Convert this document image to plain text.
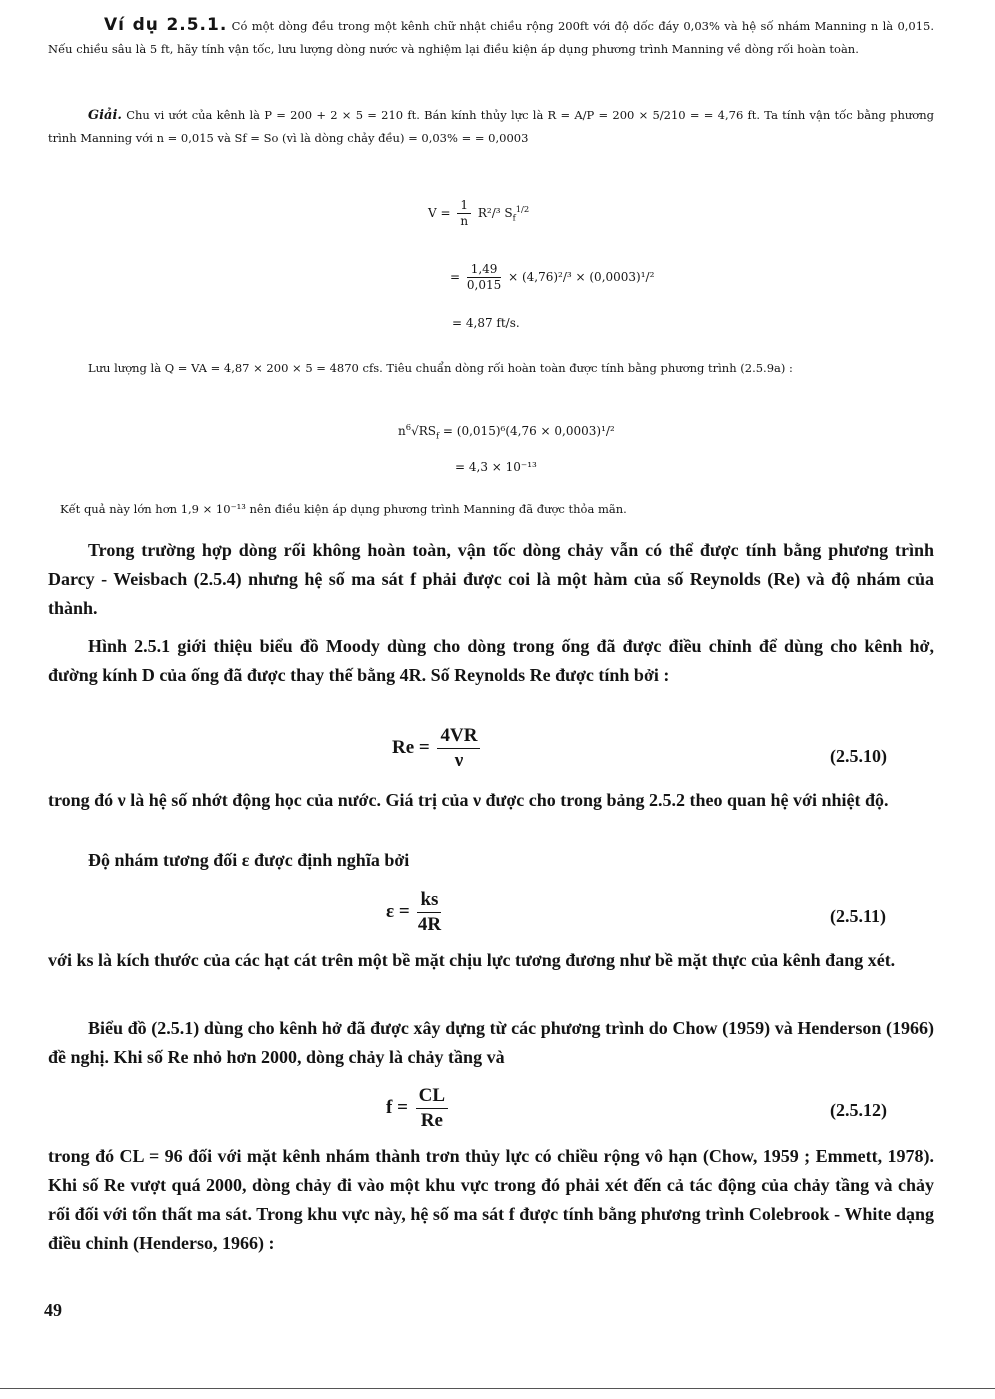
Ví dụ 2.5.1. Có một dòng đều trong một kênh chữ nhật chiều rộng 200ft với độ dốc đáy 0,03% và hệ số nhám Manning n là 0,015. Nếu chiều sâu là 5 ft, hãy tính vận tốc, lưu lượng dòng nước và nghiệm lại điều kiện áp dụng phương trình Manning về dòng rối hoàn toàn.

Giải. Chu vi ướt của kênh là P = 200 + 2 × 5 = 210 ft. Bán kính thủy lực là R = A/P = 200 × 5/210 = = 4,76 ft. Ta tính vận tốc bằng phương trình Manning với n = 0,015 và Sf = So (vì là dòng chảy đều) = 0,03% = = 0,0003

$V = \frac{1}{n} R^2/^3$ $S_f^{1/2}$
= $\frac{1,49}{0,015} \times (4,76)^2/^3 \times (0,0003)^1/^2$
= 4,87 ft/s.

Lưu lượng là Q = VA = 4,87 × 200 × 5 = 4870 cfs. Tiêu chuẩn dòng rối hoàn toàn được tính bằng phương trình (2.5.9a) :

$n^6√RS_f = (0,015)^6(4,76 \times 0,0003)^1/^2$
= 4,3 × 10⁻¹³

Kết quả này lớn hơn 1,9 × 10⁻¹³ nên điều kiện áp dụng phương trình Manning đã được thỏa mãn.

Trong trường hợp dòng rối không hoàn toàn, vận tốc dòng chảy vẫn có thể được tính bằng phương trình Darcy - Weisbach (2.5.4) nhưng hệ số ma sát f phải được coi là một hàm của số Reynolds (Re) và độ nhám của thành.

Hình 2.5.1 giới thiệu biểu đồ Moody dùng cho dòng trong ống đã được điều chỉnh để dùng cho kênh hở, đường kính D của ống đã được thay thế bằng 4R. Số Reynolds Re được tính bởi :

$Re = \frac{4VR}{\nu}$	(2.5.10)

trong đó ν là hệ số nhớt động học của nước. Giá trị của ν được cho trong bảng 2.5.2 theo quan hệ với nhiệt độ.

Độ nhám tương đối ε được định nghĩa bởi

$\varepsilon = \frac{ks}{4R}$	(2.5.11)

với ks là kích thước của các hạt cát trên một bề mặt chịu lực tương đương như bề mặt thực của kênh đang xét.

Biểu đồ (2.5.1) dùng cho kênh hở đã được xây dựng từ các phương trình do Chow (1959) và Henderson (1966) đề nghị. Khi số Re nhỏ hơn 2000, dòng chảy là chảy tầng và

$f = \frac{CL}{Re}$	(2.5.12)

trong đó CL = 96 đối với mặt kênh nhám thành trơn thủy lực có chiều rộng vô hạn (Chow, 1959 ; Emmett, 1978). Khi số Re vượt quá 2000, dòng chảy đi vào một khu vực trong đó phải xét đến cả tác động của chảy tầng và chảy rối đối với tổn thất ma sát. Trong khu vực này, hệ số ma sát f được tính bằng phương trình Colebrook - White dạng điều chỉnh (Henderso, 1966) :

49
